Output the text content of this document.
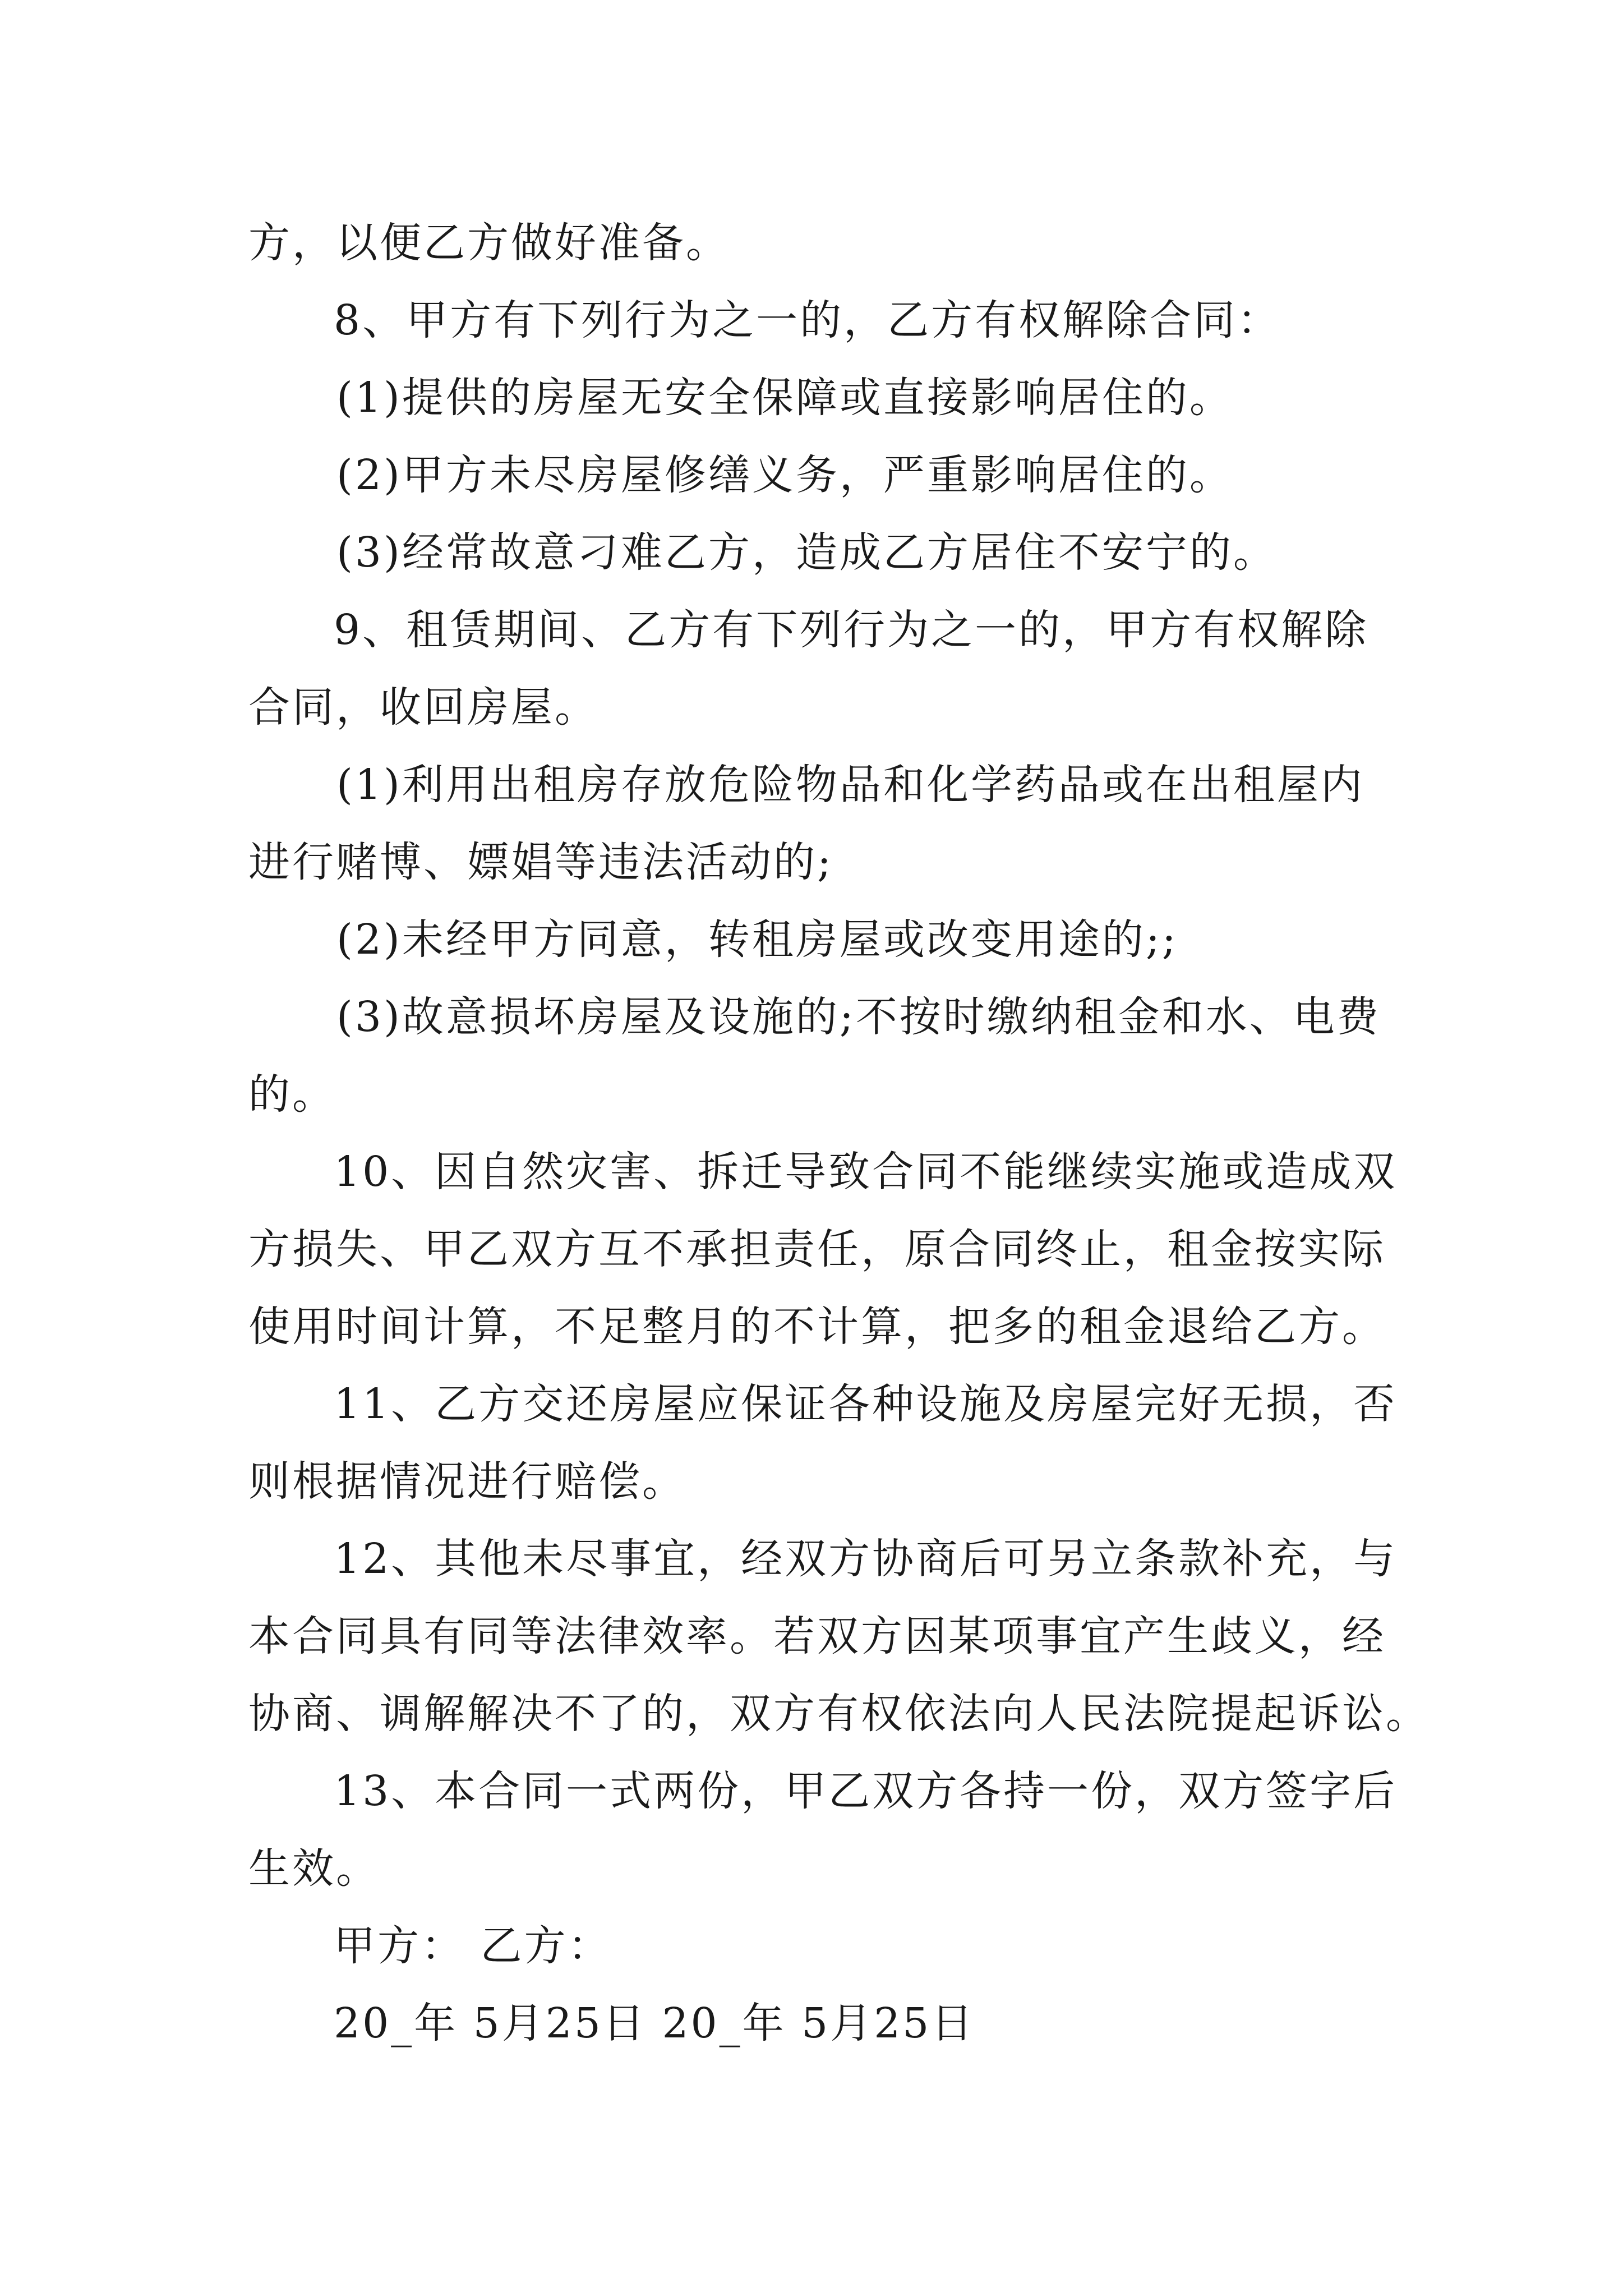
方，以便乙方做好准备。
8、甲方有下列行为之一的，乙方有权解除合同：
(1)提供的房屋无安全保障或直接影响居住的。
(2)甲方未尽房屋修缮义务，严重影响居住的。
(3)经常故意刁难乙方，造成乙方居住不安宁的。
9、租赁期间、乙方有下列行为之一的，甲方有权解除
合同，收回房屋。
(1)利用出租房存放危险物品和化学药品或在出租屋内
进行赌博、嫖娼等违法活动的;
(2)未经甲方同意，转租房屋或改变用途的;;
(3)故意损坏房屋及设施的;不按时缴纳租金和水、电费
的。
10、因自然灾害、拆迁导致合同不能继续实施或造成双
方损失、甲乙双方互不承担责任，原合同终止，租金按实际
使用时间计算，不足整月的不计算，把多的租金退给乙方。
11、乙方交还房屋应保证各种设施及房屋完好无损，否
则根据情况进行赔偿。
12、其他未尽事宜，经双方协商后可另立条款补充，与
本合同具有同等法律效率。若双方因某项事宜产生歧义，经
协商、调解解决不了的，双方有权依法向人民法院提起诉讼。
13、本合同一式两份，甲乙双方各持一份，双方签字后
生效。
甲方： 乙方：
20_年 5月25日 20_年 5月25日
